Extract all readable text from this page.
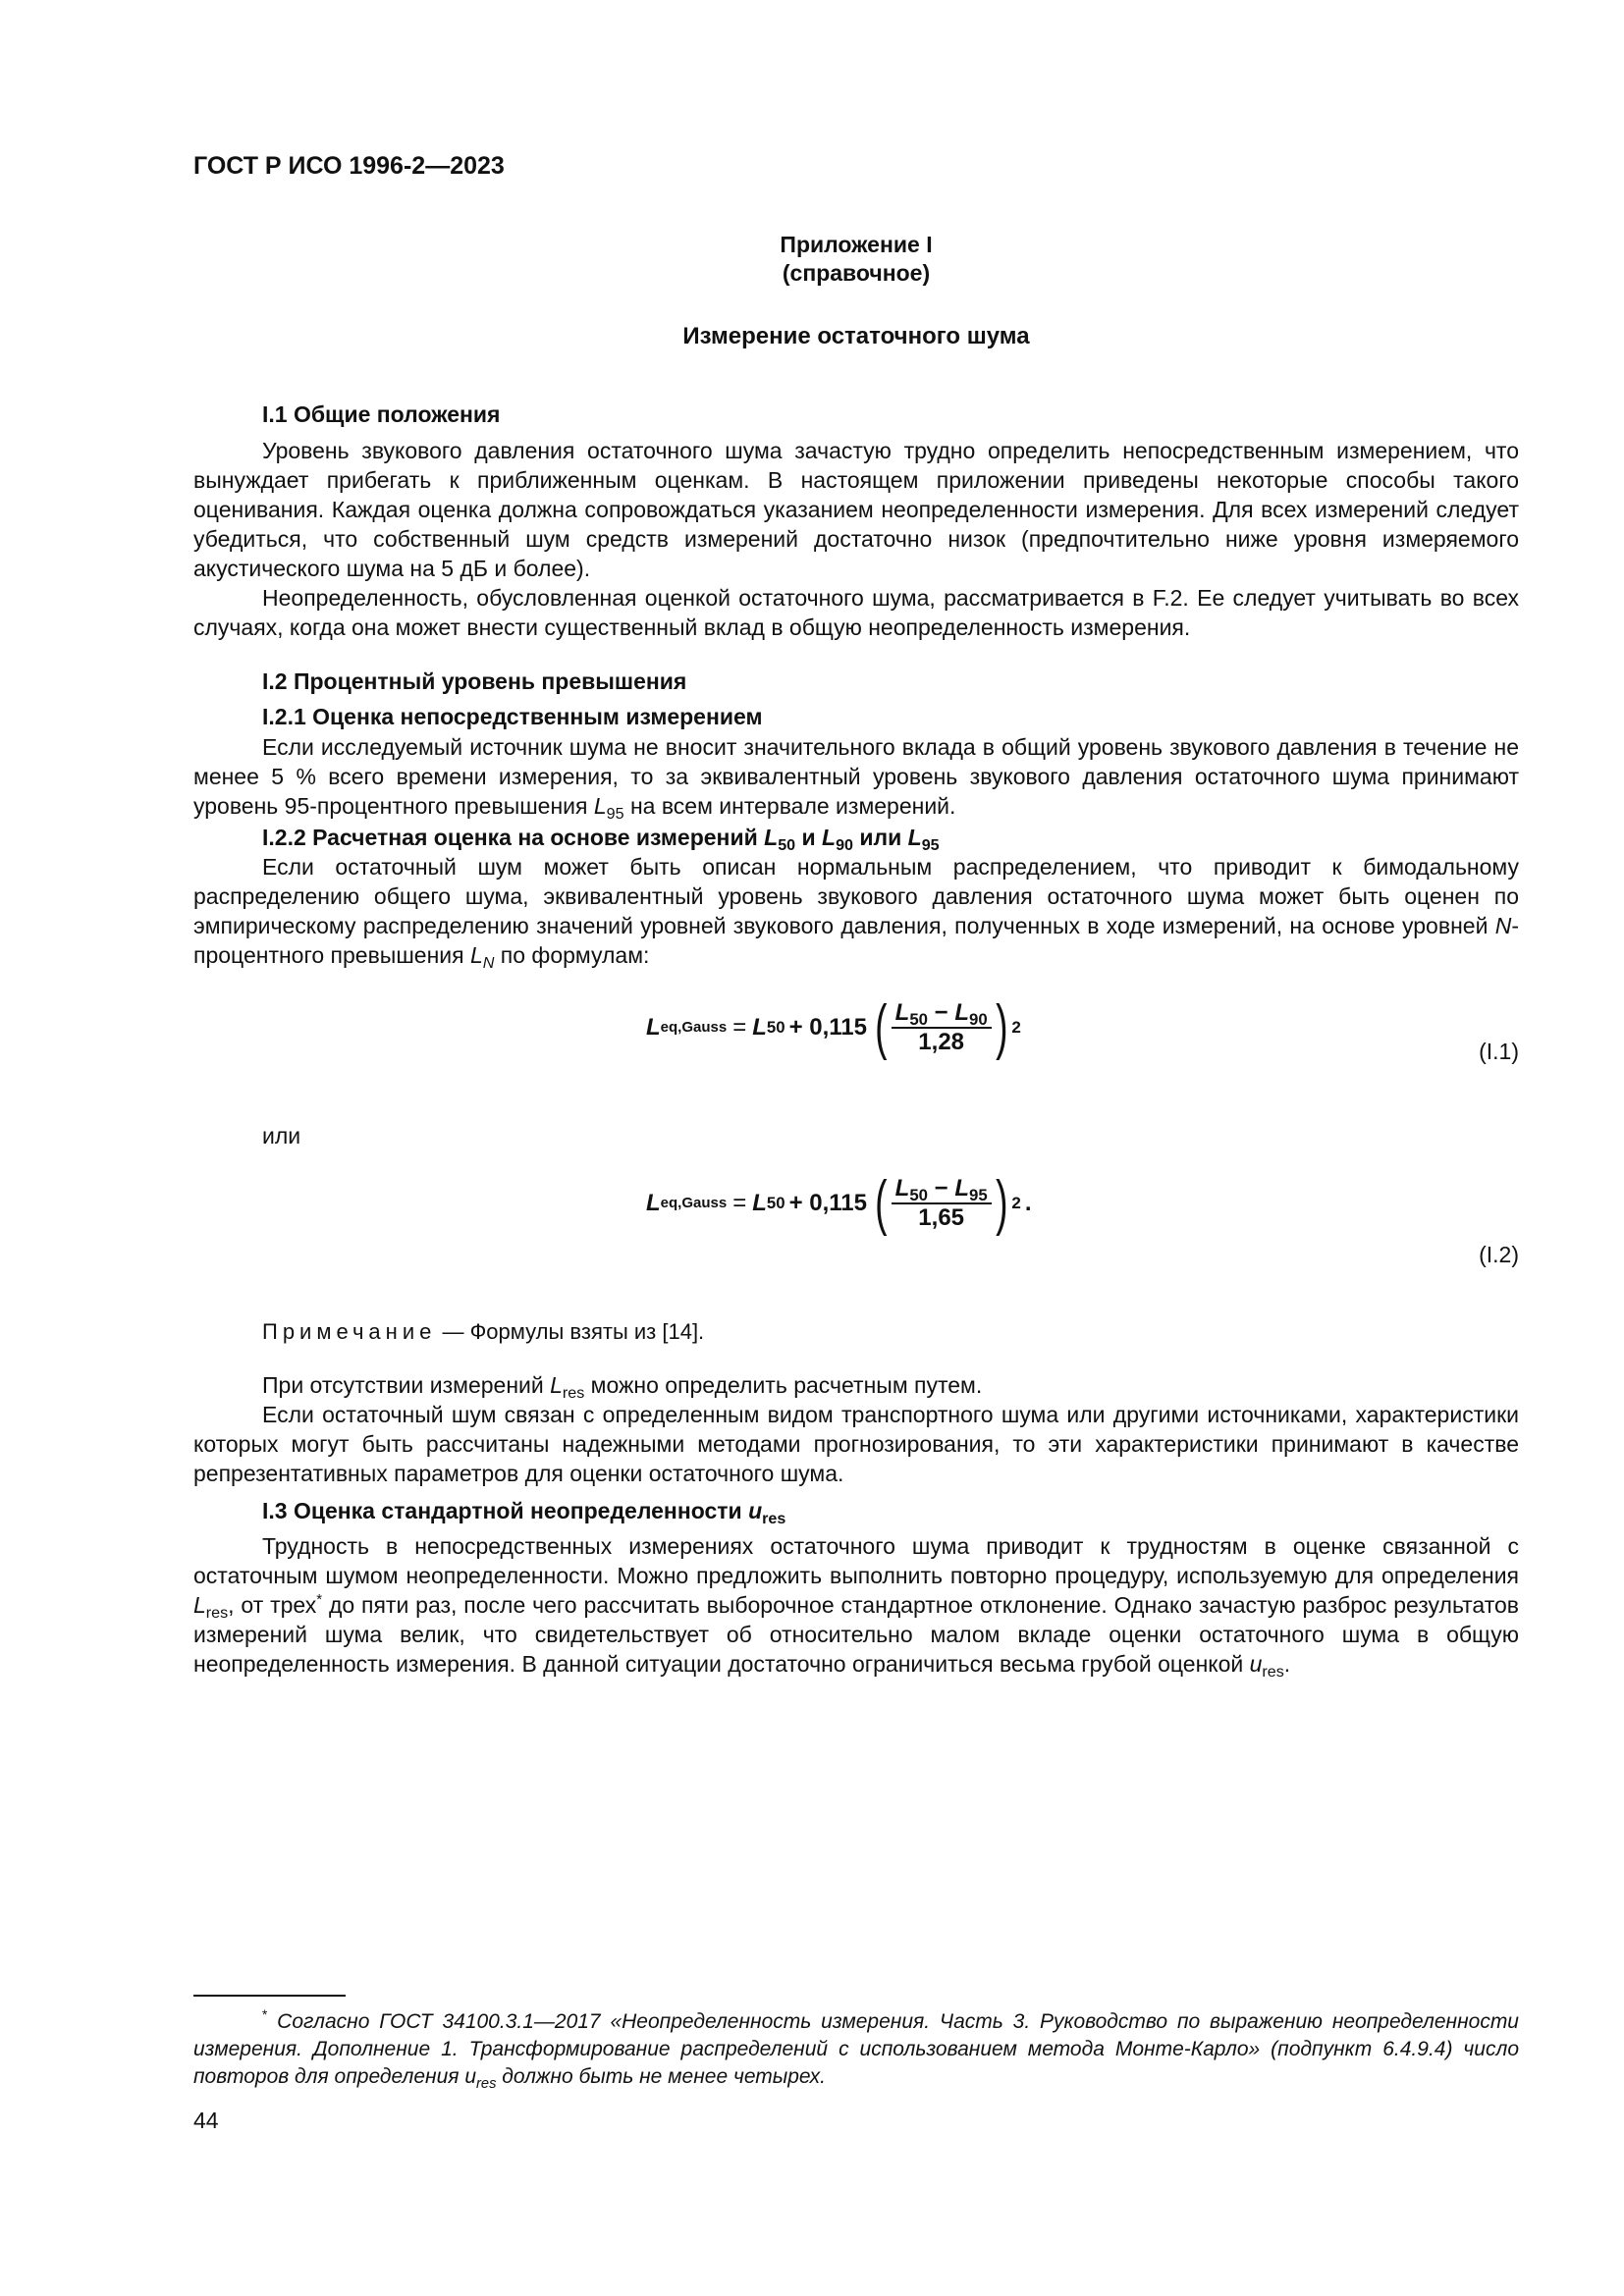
ГОСТ Р ИСО 1996-2—2023
Приложение I
(справочное)
Измерение остаточного шума
I.1 Общие положения

Уровень звукового давления остаточного шума зачастую трудно определить непосредственным измерением, что вынуждает прибегать к приближенным оценкам. В настоящем приложении приведены некоторые способы такого оценивания. Каждая оценка должна сопровождаться указанием неопределенности измерения. Для всех измерений следует убедиться, что собственный шум средств измерений достаточно низок (предпочтительно ниже уровня измеряемого акустического шума на 5 дБ и более).

Неопределенность, обусловленная оценкой остаточного шума, рассматривается в F.2. Ее следует учитывать во всех случаях, когда она может внести существенный вклад в общую неопределенность измерения.

I.2 Процентный уровень превышения
I.2.1 Оценка непосредственным измерением

Если исследуемый источник шума не вносит значительного вклада в общий уровень звукового давления в течение не менее 5 % всего времени измерения, то за эквивалентный уровень звукового давления остаточного шума принимают уровень 95-процентного превышения $L_{95}$ на всем интервале измерений.

I.2.2 Расчетная оценка на основе измерений $L_{50}$ и $L_{90}$ или $L_{95}$

Если остаточный шум может быть описан нормальным распределением, что приводит к бимодальному распределению общего шума, эквивалентный уровень звукового давления остаточного шума может быть оценен по эмпирическому распределению значений уровней звукового давления, полученных в ходе измерений, на основе уровней N-процентного превышения $L_N$ по формулам:

L eq,Gauss = L 50 + 0,115 ( $\frac{L_{50} - L_{90}}{1,28}$ ) 2
(I.1)
или
L eq,Gauss = L 50 + 0,115 ( $\frac{L_{50} - L_{95}}{1,65}$ ) 2 .
(I.2)
Примечание — Формулы взяты из [14].

При отсутствии измерений $L_{res}$ можно определить расчетным путем.

Если остаточный шум связан с определенным видом транспортного шума или другими источниками, характеристики которых могут быть рассчитаны надежными методами прогнозирования, то эти характеристики принимают в качестве репрезентативных параметров для оценки остаточного шума.

I.3 Оценка стандартной неопределенности $u_{res}$

Трудность в непосредственных измерениях остаточного шума приводит к трудностям в оценке связанной с остаточным шумом неопределенности. Можно предложить выполнить повторно процедуру, используемую для определения $L_{res}$, от трех* до пяти раз, после чего рассчитать выборочное стандартное отклонение. Однако зачастую разброс результатов измерений шума велик, что свидетельствует об относительно малом вкладе оценки остаточного шума в общую неопределенность измерения. В данной ситуации достаточно ограничиться весьма грубой оценкой $u_{res}$.

* Согласно ГОСТ 34100.3.1—2017 «Неопределенность измерения. Часть 3. Руководство по выражению неопределенности измерения. Дополнение 1. Трансформирование распределений с использованием метода Монте-Карло» (подпункт 6.4.9.4) число повторов для определения $u_{res}$ должно быть не менее четырех.

44
